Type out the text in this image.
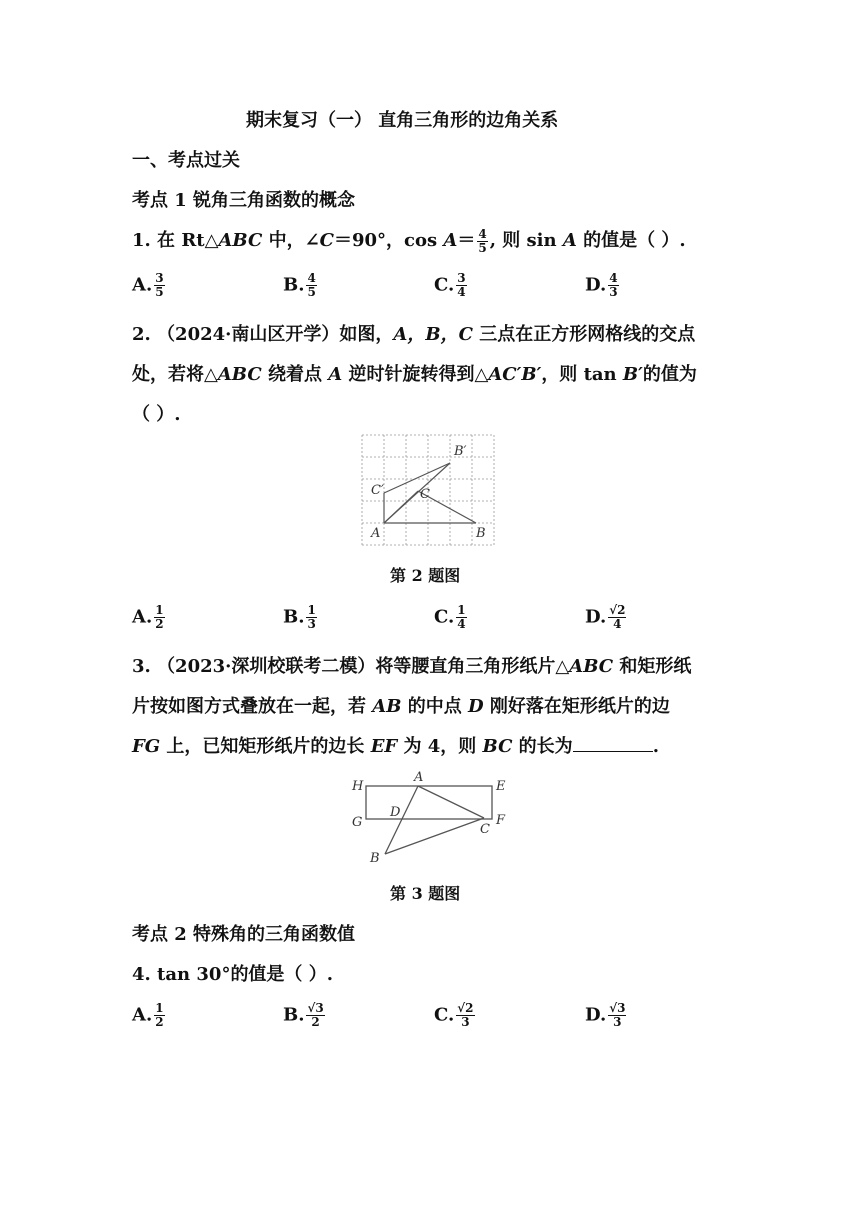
期末复习（一） 直角三角形的边角关系
一、考点过关
考点 1 锐角三角函数的概念
1. 在 Rt△ABC 中，∠C＝90°，$\cos A= \frac{4}{5}$ , 则 sin A 的值是（ ）.
A. $\frac{3}{5}$	B. $\frac{4}{5}$	C. $\frac{3}{4}$	D. $\frac{4}{3}$
2. （2024·南山区开学）如图，A，B，C 三点在正方形网格线的交点
处，若将△ABC 绕着点 A 逆时针旋转得到△AC′B′，则 tan B′的值为
（ ）.
A	B
C
C′
B′
第 2 题图
A. $\frac{1}{2}$	B. $\frac{1}{3}$	C. $\frac{1}{4}$	D. $\frac{√2}{4}$
3. （2023·深圳校联考二模）将等腰直角三角形纸片△ABC 和矩形纸
片按如图方式叠放在一起，若 AB 的中点 D 刚好落在矩形纸片的边
FG 上，已知矩形纸片的边长 EF 为 4，则 BC 的长为	.
H
A
E
G
D
C
F
B
第 3 题图
考点 2 特殊角的三角函数值
4. tan 30°的值是（ ）.
A. $\frac{1}{2}$	B. $\frac{√3}{2}$	C. $\frac{√2}{3}$	D. $\frac{√3}{3}$
